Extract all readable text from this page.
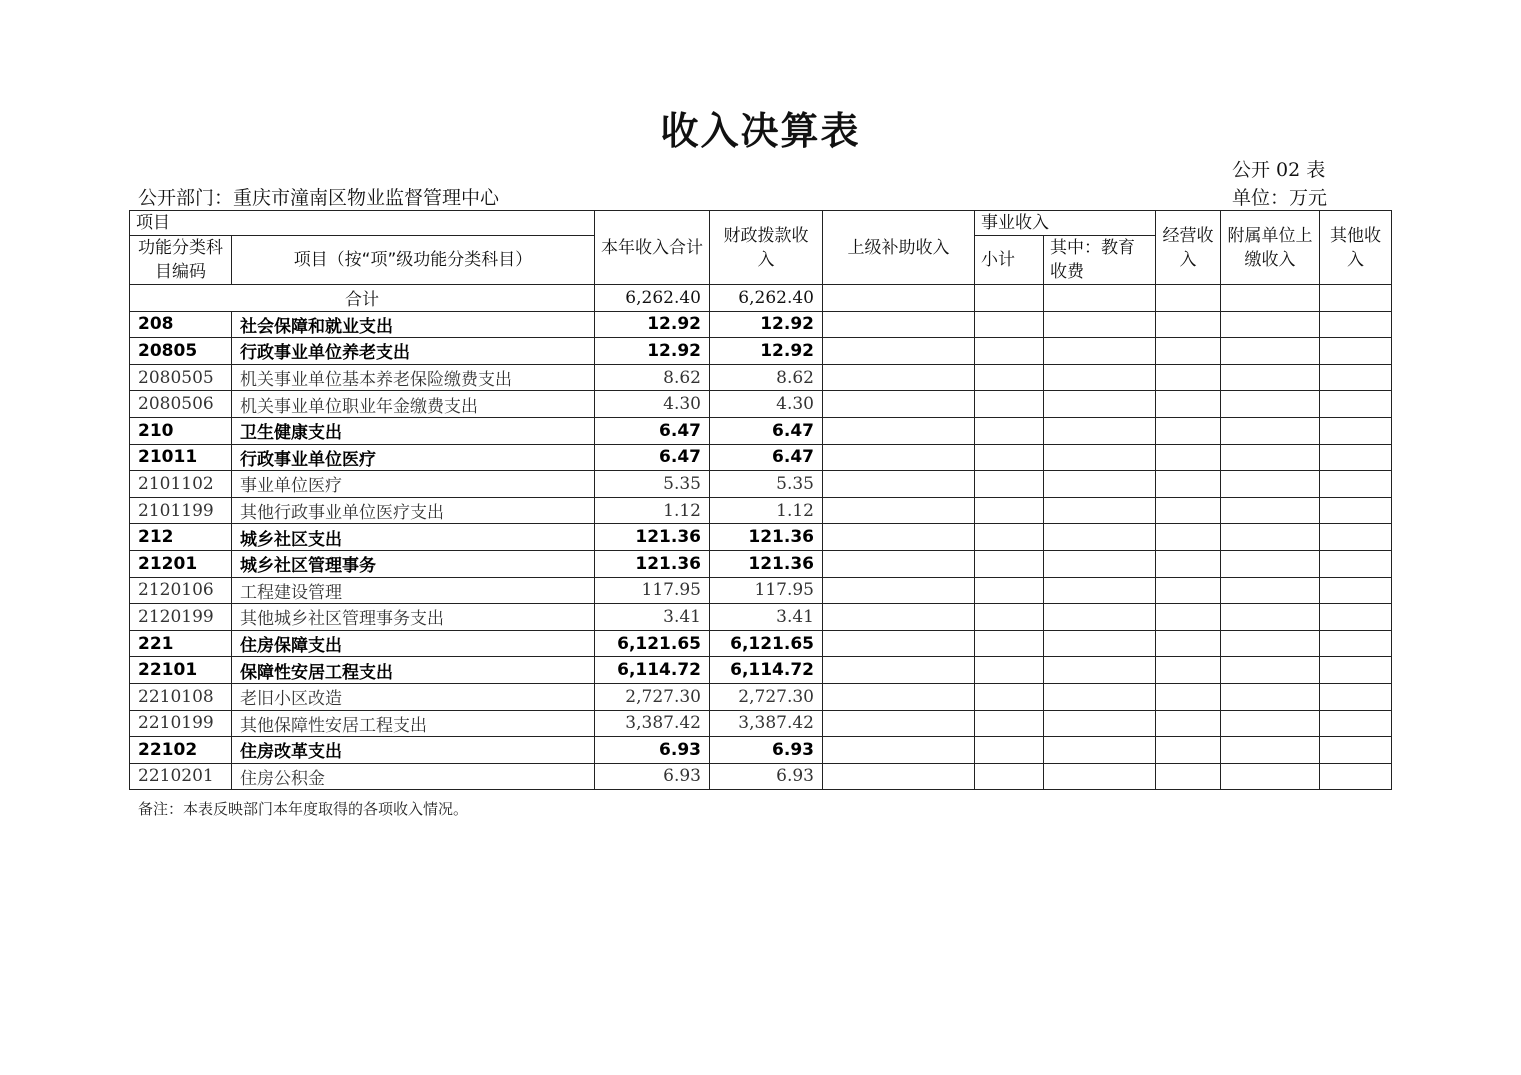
收入决算表
公开 02 表
公开部门：重庆市潼南区物业监督管理中心	单位：万元
项目		本年收入合计	财政拨款收入	上级补助收入	事业收入		经营收入	附属单位上缴收入	其他收入
功能分类科目编码	项目（按“项”级功能分类科目）				小计	其中：教育收费			
合计		6,262.40	6,262.40						
208	社会保障和就业支出	12.92	12.92						
20805	行政事业单位养老支出	12.92	12.92						
2080505	机关事业单位基本养老保险缴费支出	8.62	8.62						
2080506	机关事业单位职业年金缴费支出	4.30	4.30						
210	卫生健康支出	6.47	6.47						
21011	行政事业单位医疗	6.47	6.47						
2101102	事业单位医疗	5.35	5.35						
2101199	其他行政事业单位医疗支出	1.12	1.12						
212	城乡社区支出	121.36	121.36						
21201	城乡社区管理事务	121.36	121.36						
2120106	工程建设管理	117.95	117.95						
2120199	其他城乡社区管理事务支出	3.41	3.41						
221	住房保障支出	6,121.65	6,121.65						
22101	保障性安居工程支出	6,114.72	6,114.72						
2210108	老旧小区改造	2,727.30	2,727.30						
2210199	其他保障性安居工程支出	3,387.42	3,387.42						
22102	住房改革支出	6.93	6.93						
2210201	住房公积金	6.93	6.93						
备注：本表反映部门本年度取得的各项收入情况。
